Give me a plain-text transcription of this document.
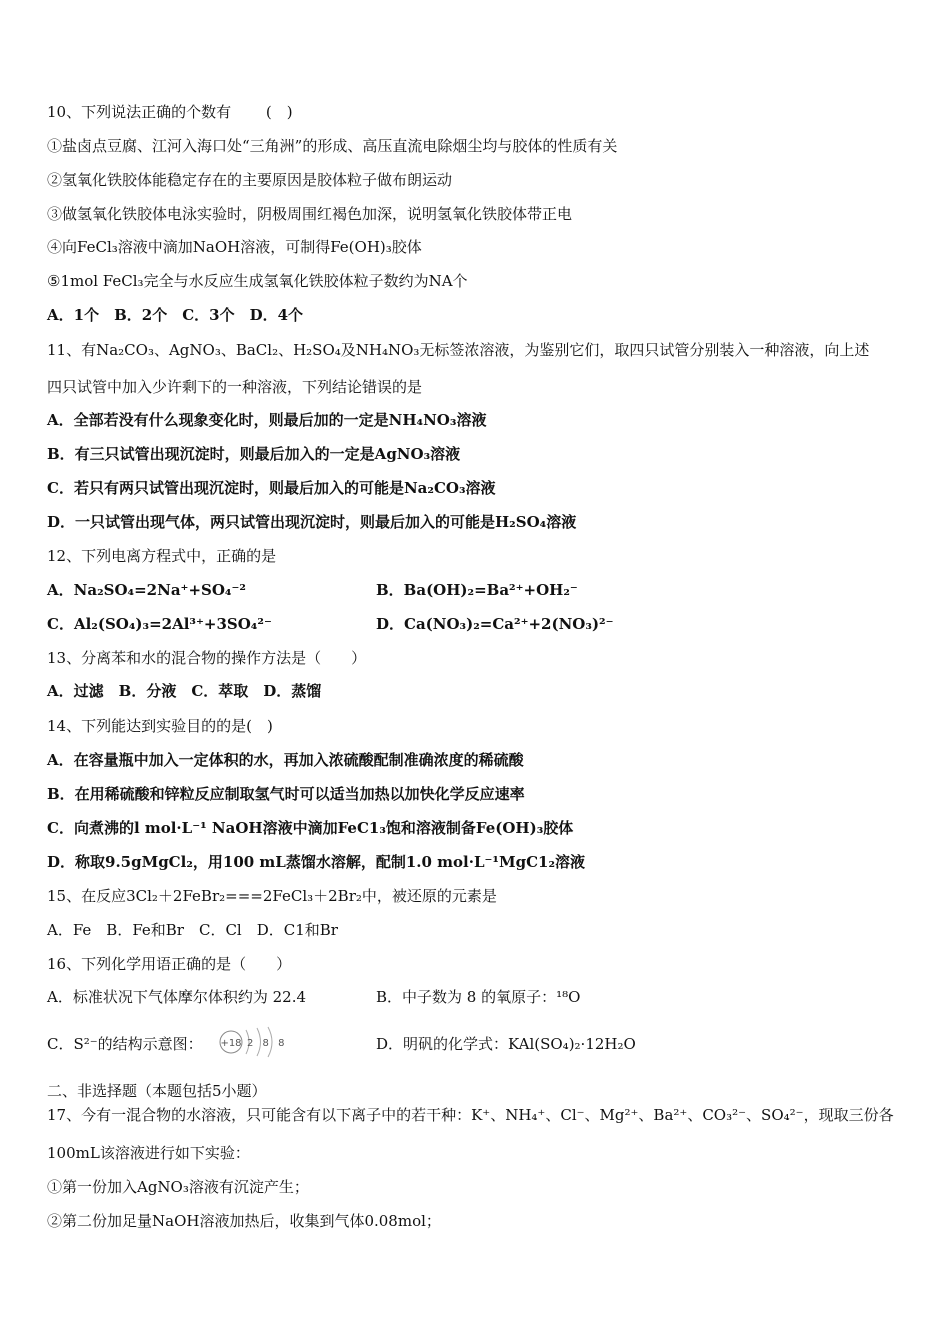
10、下列说法正确的个数有　　 (　)
①盐卤点豆腐、江河入海口处“三角洲”的形成、高压直流电除烟尘均与胶体的性质有关
②氢氧化铁胶体能稳定存在的主要原因是胶体粒子做布朗运动
③做氢氧化铁胶体电泳实验时，阴极周围红褐色加深，说明氢氧化铁胶体带正电
④向FeCl₃溶液中滴加NaOH溶液，可制得Fe(OH)₃胶体
⑤1mol FeCl₃完全与水反应生成氢氧化铁胶体粒子数约为NA个
A．1个　B．2个　C．3个　D．4个
11、有Na₂CO₃、AgNO₃、BaCl₂、H₂SO₄及NH₄NO₃无标签浓溶液，为鉴别它们，取四只试管分别装入一种溶液，向上述
四只试管中加入少许剩下的一种溶液，下列结论错误的是
A．全部若没有什么现象变化时，则最后加的一定是NH₄NO₃溶液
B．有三只试管出现沉淀时，则最后加入的一定是AgNO₃溶液
C．若只有两只试管出现沉淀时，则最后加入的可能是Na₂CO₃溶液
D．一只试管出现气体，两只试管出现沉淀时，则最后加入的可能是H₂SO₄溶液
12、下列电离方程式中，正确的是
A．Na₂SO₄=2Na⁺+SO₄⁻²	B．Ba(OH)₂=Ba²⁺+OH₂⁻
C．Al₂(SO₄)₃=2Al³⁺+3SO₄²⁻	D．Ca(NO₃)₂=Ca²⁺+2(NO₃)²⁻
13、分离苯和水的混合物的操作方法是（　　）
A．过滤　B．分液　C．萃取　D．蒸馏
14、下列能达到实验目的的是(　)
A．在容量瓶中加入一定体积的水，再加入浓硫酸配制准确浓度的稀硫酸
B．在用稀硫酸和锌粒反应制取氢气时可以适当加热以加快化学反应速率
C．向煮沸的l mol·L⁻¹ NaOH溶液中滴加FeC1₃饱和溶液制备Fe(OH)₃胶体
D．称取9.5gMgCl₂，用100 mL蒸馏水溶解，配制1.0 mol·L⁻¹MgC1₂溶液
15、在反应3Cl₂＋2FeBr₂===2FeCl₃＋2Br₂中，被还原的元素是
A．Fe　B．Fe和Br　C．Cl　D．C1和Br
16、下列化学用语正确的是（　　）
A．标准状况下气体摩尔体积约为 22.4	B．中子数为 8 的氧原子：¹⁸O
C．S²⁻的结构示意图： +18 2 8 8	D．明矾的化学式：KAl(SO₄)₂·12H₂O
二、非选择题（本题包括5小题）
17、今有一混合物的水溶液，只可能含有以下离子中的若干种：K⁺、NH₄⁺、Cl⁻、Mg²⁺、Ba²⁺、CO₃²⁻、SO₄²⁻，现取三份各
100mL该溶液进行如下实验：
①第一份加入AgNO₃溶液有沉淀产生；
②第二份加足量NaOH溶液加热后，收集到气体0.08mol；
